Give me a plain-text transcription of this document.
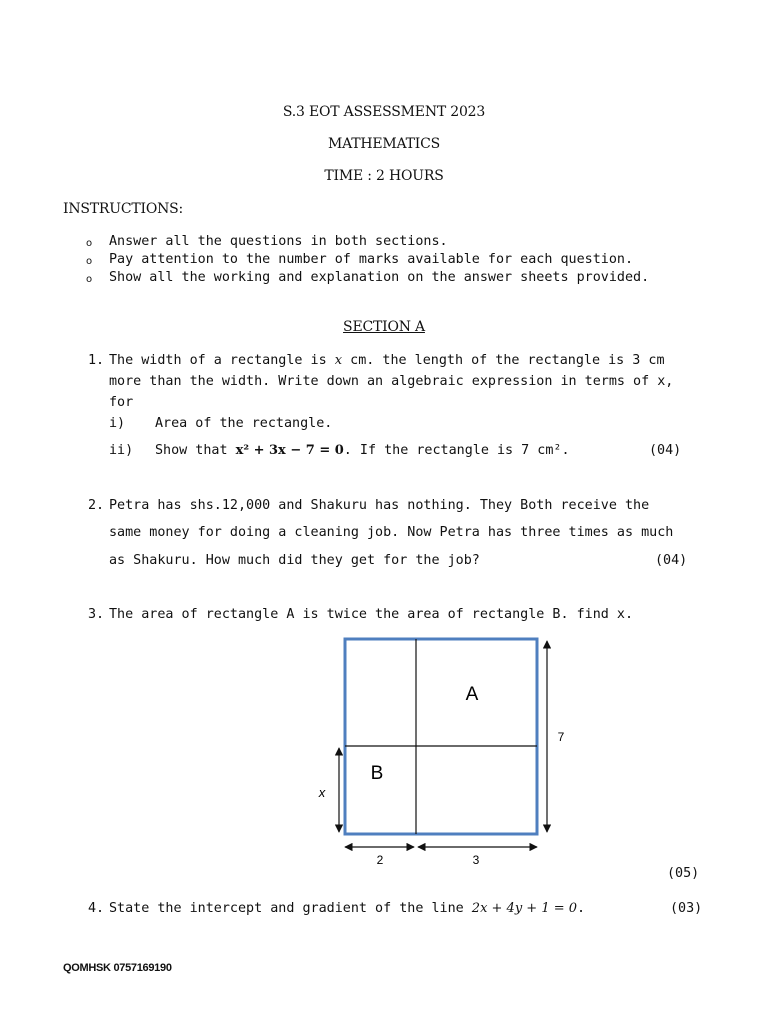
S.3 EOT ASSESSMENT 2023
MATHEMATICS
TIME : 2 HOURS
INSTRUCTIONS:
o Answer all the questions in both sections.
o Pay attention to the number of marks available for each question.
o Show all the working and explanation on the answer sheets provided.
SECTION A
1. The width of a rectangle is x cm. the length of the rectangle is 3 cm
more than the width. Write down an algebraic expression in terms of x,
for
i) Area of the rectangle.
ii) Show that x² + 3x − 7 = 0. If the rectangle is 7 cm².	(04)
2. Petra has shs.12,000 and Shakuru has nothing. They Both receive the
same money for doing a cleaning job. Now Petra has three times as much
as Shakuru. How much did they get for the job?	(04)
3. The area of rectangle A is twice the area of rectangle B. find x.
A
B
7
x
2	3
(05)
4. State the intercept and gradient of the line 2x + 4y + 1 = 0.	(03)
QOMHSK 0757169190
